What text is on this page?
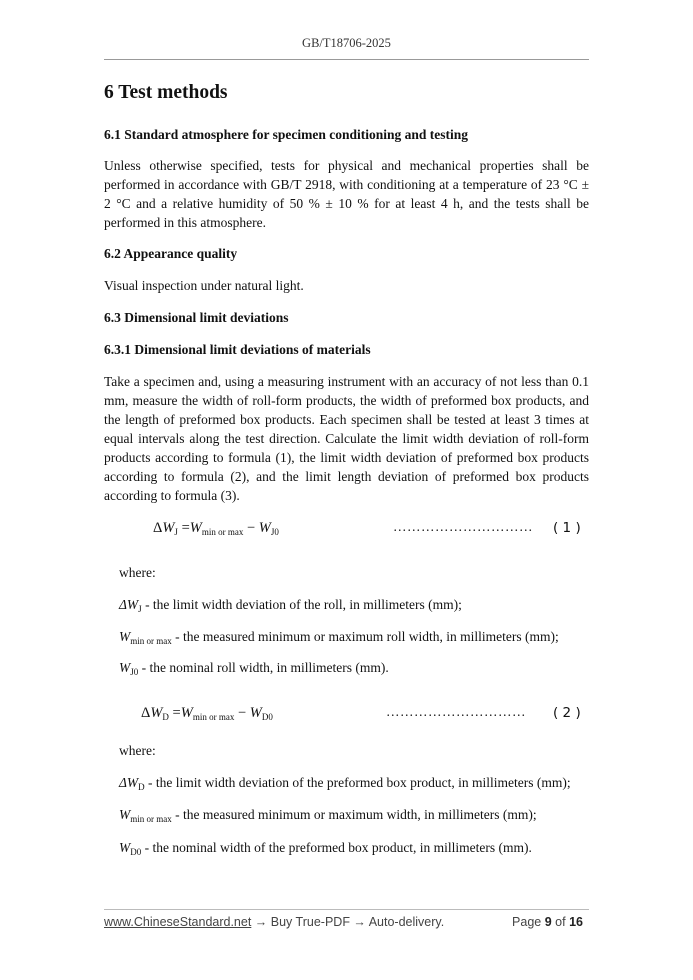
GB/T18706-2025
6 Test methods
6.1 Standard atmosphere for specimen conditioning and testing
Unless otherwise specified, tests for physical and mechanical properties shall be performed in accordance with GB/T 2918, with conditioning at a temperature of 23 °C ± 2 °C and a relative humidity of 50 % ± 10 % for at least 4 h, and the tests shall be performed in this atmosphere.
6.2 Appearance quality
Visual inspection under natural light.
6.3 Dimensional limit deviations
6.3.1 Dimensional limit deviations of materials
Take a specimen and, using a measuring instrument with an accuracy of not less than 0.1 mm, measure the width of roll-form products, the width of preformed box products, and the length of preformed box products. Each specimen shall be tested at least 3 times at equal intervals along the test direction. Calculate the limit width deviation of roll-form products according to formula (1), the limit width deviation of preformed box products according to formula (2), and the limit length deviation of preformed box products according to formula (3).
$\Delta W_J =W_{min or max} - W_{J0}$	………………………… ( 1 )
where:
$\Delta W_J$ - the limit width deviation of the roll, in millimeters (mm);
$W_{min or max}$ - the measured minimum or maximum roll width, in millimeters (mm);
$W_{J0}$ - the nominal roll width, in millimeters (mm).
$\Delta W_D =W_{min or max} - W_{D0}$	………………………… ( 2 )
where:
$\Delta W_D$ - the limit width deviation of the preformed box product, in millimeters (mm);
$W_{min or max}$ - the measured minimum or maximum width, in millimeters (mm);
$W_{D0}$ - the nominal width of the preformed box product, in millimeters (mm).
www.ChineseStandard.net → Buy True-PDF → Auto-delivery.	Page 9 of 16
